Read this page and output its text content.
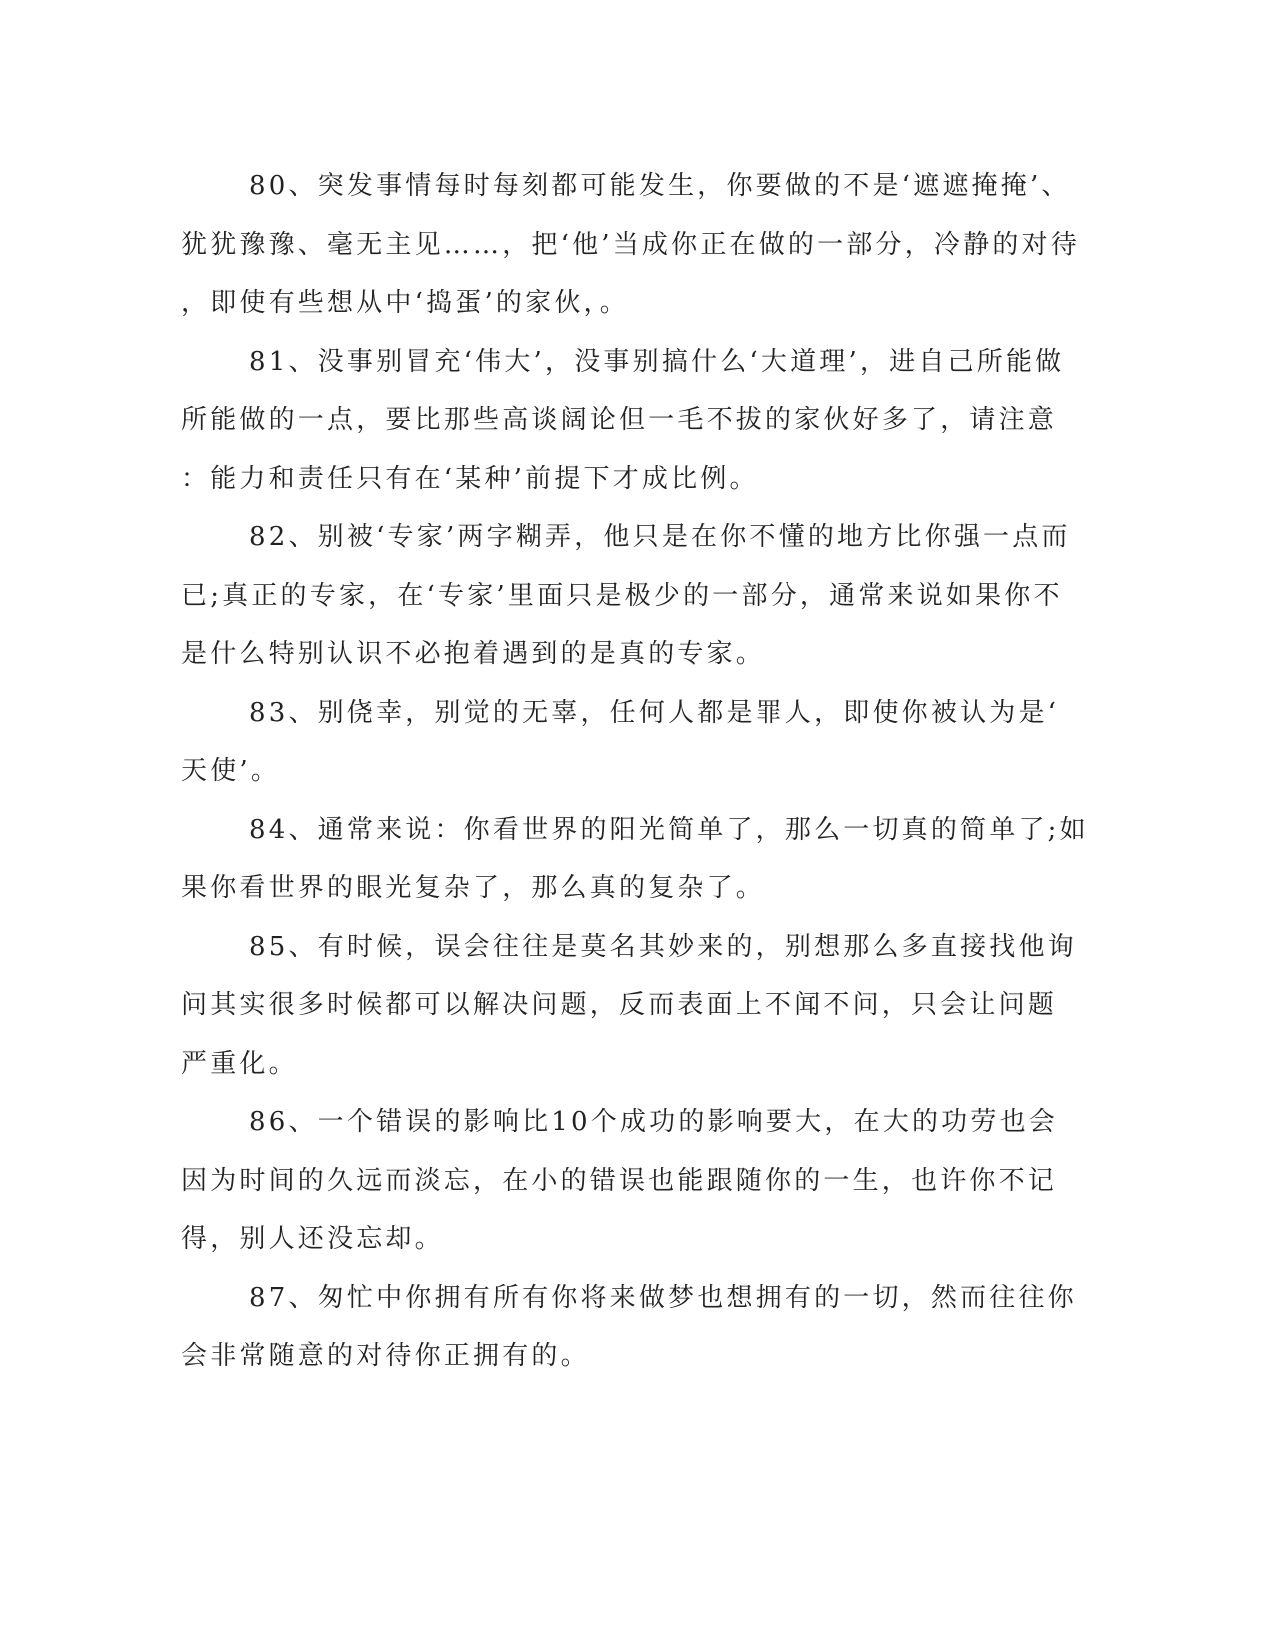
80、突发事情每时每刻都可能发生，你要做的不是‘遮遮掩掩’、
犹犹豫豫、毫无主见……，把‘他’当成你正在做的一部分，冷静的对待
，即使有些想从中‘捣蛋’的家伙，。
81、没事别冒充‘伟大’，没事别搞什么‘大道理’，进自己所能做
所能做的一点，要比那些高谈阔论但一毛不拔的家伙好多了，请注意
：能力和责任只有在‘某种’前提下才成比例。
82、别被‘专家’两字糊弄，他只是在你不懂的地方比你强一点而
已;真正的专家，在‘专家’里面只是极少的一部分，通常来说如果你不
是什么特别认识不必抱着遇到的是真的专家。
83、别侥幸，别觉的无辜，任何人都是罪人，即使你被认为是‘
天使’。
84、通常来说：你看世界的阳光简单了，那么一切真的简单了;如
果你看世界的眼光复杂了，那么真的复杂了。
85、有时候，误会往往是莫名其妙来的，别想那么多直接找他询
问其实很多时候都可以解决问题，反而表面上不闻不问，只会让问题
严重化。
86、一个错误的影响比10个成功的影响要大，在大的功劳也会
因为时间的久远而淡忘，在小的错误也能跟随你的一生，也许你不记
得，别人还没忘却。
87、匆忙中你拥有所有你将来做梦也想拥有的一切，然而往往你
会非常随意的对待你正拥有的。
